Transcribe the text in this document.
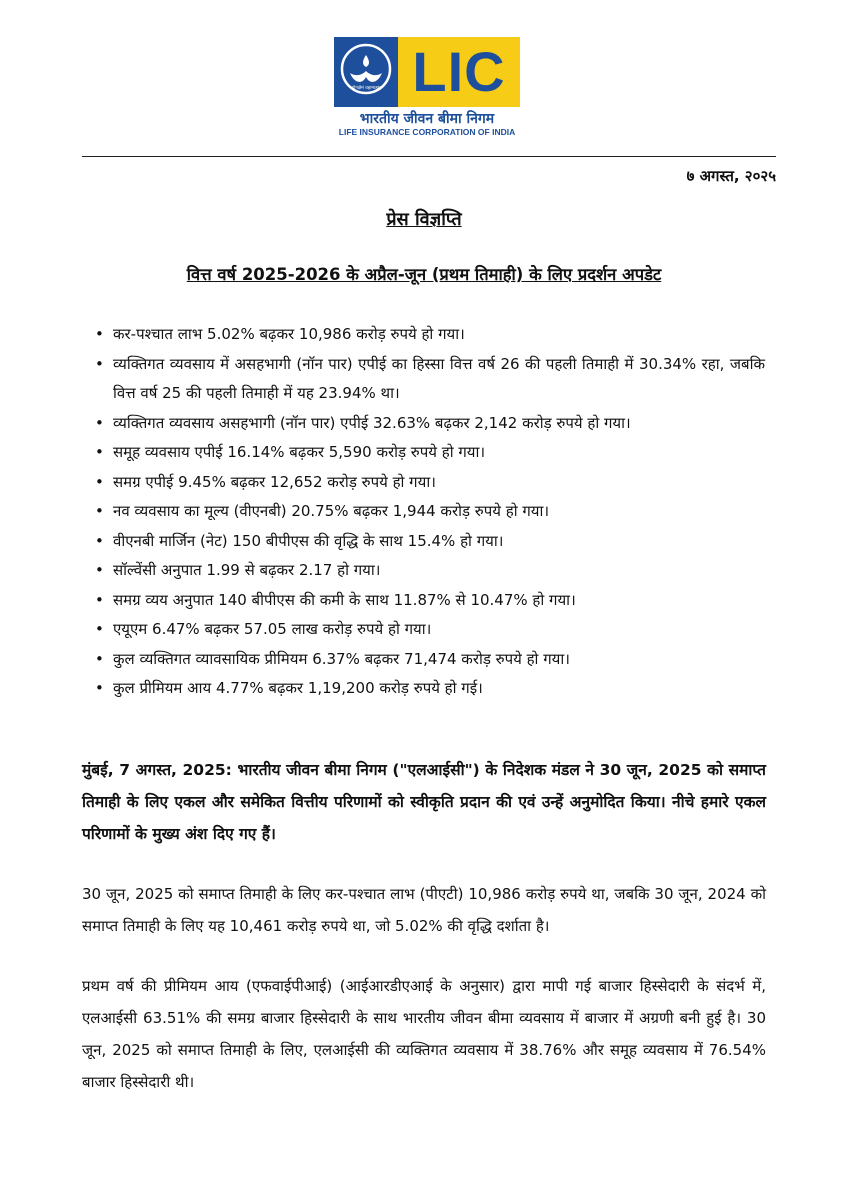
योगक्षेमं वहाम्यहम् LIC
भारतीय जीवन बीमा निगम
LIFE INSURANCE CORPORATION OF INDIA
७ अगस्त, २०२५
प्रेस विज्ञप्ति
वित्त वर्ष 2025-2026 के अप्रैल-जून (प्रथम तिमाही) के लिए प्रदर्शन अपडेट
• कर-पश्चात लाभ 5.02% बढ़कर 10,986 करोड़ रुपये हो गया।
• व्यक्तिगत व्यवसाय में असहभागी (नॉन पार) एपीई का हिस्सा वित्त वर्ष 26 की पहली तिमाही में 30.34% रहा, जबकि वित्त वर्ष 25 की पहली तिमाही में यह 23.94% था।
• व्यक्तिगत व्यवसाय असहभागी (नॉन पार) एपीई 32.63% बढ़कर 2,142 करोड़ रुपये हो गया।
• समूह व्यवसाय एपीई 16.14% बढ़कर 5,590 करोड़ रुपये हो गया।
• समग्र एपीई 9.45% बढ़कर 12,652 करोड़ रुपये हो गया।
• नव व्यवसाय का मूल्य (वीएनबी) 20.75% बढ़कर 1,944 करोड़ रुपये हो गया।
• वीएनबी मार्जिन (नेट) 150 बीपीएस की वृद्धि के साथ 15.4% हो गया।
• सॉल्वेंसी अनुपात 1.99 से बढ़कर 2.17 हो गया।
• समग्र व्यय अनुपात 140 बीपीएस की कमी के साथ 11.87% से 10.47% हो गया।
• एयूएम 6.47% बढ़कर 57.05 लाख करोड़ रुपये हो गया।
• कुल व्यक्तिगत व्यावसायिक प्रीमियम 6.37% बढ़कर 71,474 करोड़ रुपये हो गया।
• कुल प्रीमियम आय 4.77% बढ़कर 1,19,200 करोड़ रुपये हो गई।

मुंबई, 7 अगस्त, 2025: भारतीय जीवन बीमा निगम ("एलआईसी") के निदेशक मंडल ने 30 जून, 2025 को समाप्त तिमाही के लिए एकल और समेकित वित्तीय परिणामों को स्वीकृति प्रदान की एवं उन्हें अनुमोदित किया। नीचे हमारे एकल परिणामों के मुख्य अंश दिए गए हैं।

30 जून, 2025 को समाप्त तिमाही के लिए कर-पश्चात लाभ (पीएटी) 10,986 करोड़ रुपये था, जबकि 30 जून, 2024 को समाप्त तिमाही के लिए यह 10,461 करोड़ रुपये था, जो 5.02% की वृद्धि दर्शाता है।

प्रथम वर्ष की प्रीमियम आय (एफवाईपीआई) (आईआरडीएआई के अनुसार) द्वारा मापी गई बाजार हिस्सेदारी के संदर्भ में, एलआईसी 63.51% की समग्र बाजार हिस्सेदारी के साथ भारतीय जीवन बीमा व्यवसाय में बाजार में अग्रणी बनी हुई है। 30 जून, 2025 को समाप्त तिमाही के लिए, एलआईसी की व्यक्तिगत व्यवसाय में 38.76% और समूह व्यवसाय में 76.54% बाजार हिस्सेदारी थी।
